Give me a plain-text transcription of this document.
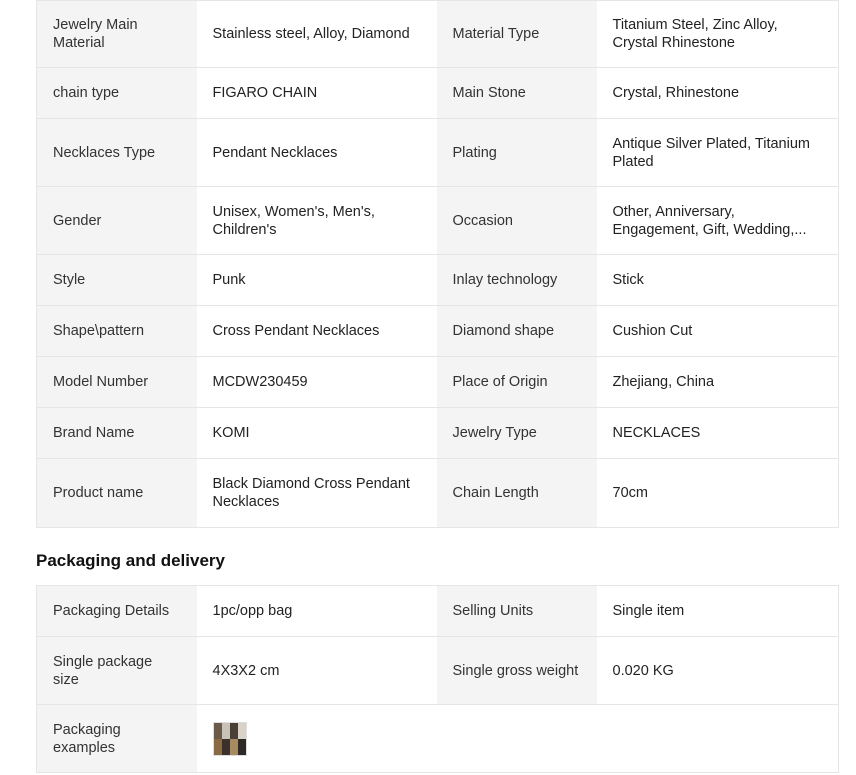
Jewelry Main Material	Stainless steel, Alloy, Diamond	Material Type	Titanium Steel, Zinc Alloy, Crystal Rhinestone
chain type	FIGARO CHAIN	Main Stone	Crystal, Rhinestone
Necklaces Type	Pendant Necklaces	Plating	Antique Silver Plated, Titanium Plated
Gender	Unisex, Women's, Men's, Children's	Occasion	Other, Anniversary, Engagement, Gift, Wedding,...
Style	Punk	Inlay technology	Stick
Shape\pattern	Cross Pendant Necklaces	Diamond shape	Cushion Cut
Model Number	MCDW230459	Place of Origin	Zhejiang, China
Brand Name	KOMI	Jewelry Type	NECKLACES
Product name	Black Diamond Cross Pendant Necklaces	Chain Length	70cm
Packaging and delivery
Packaging Details	1pc/opp bag	Selling Units	Single item
Single package size	4X3X2 cm	Single gross weight	0.020 KG
Packaging examples			
